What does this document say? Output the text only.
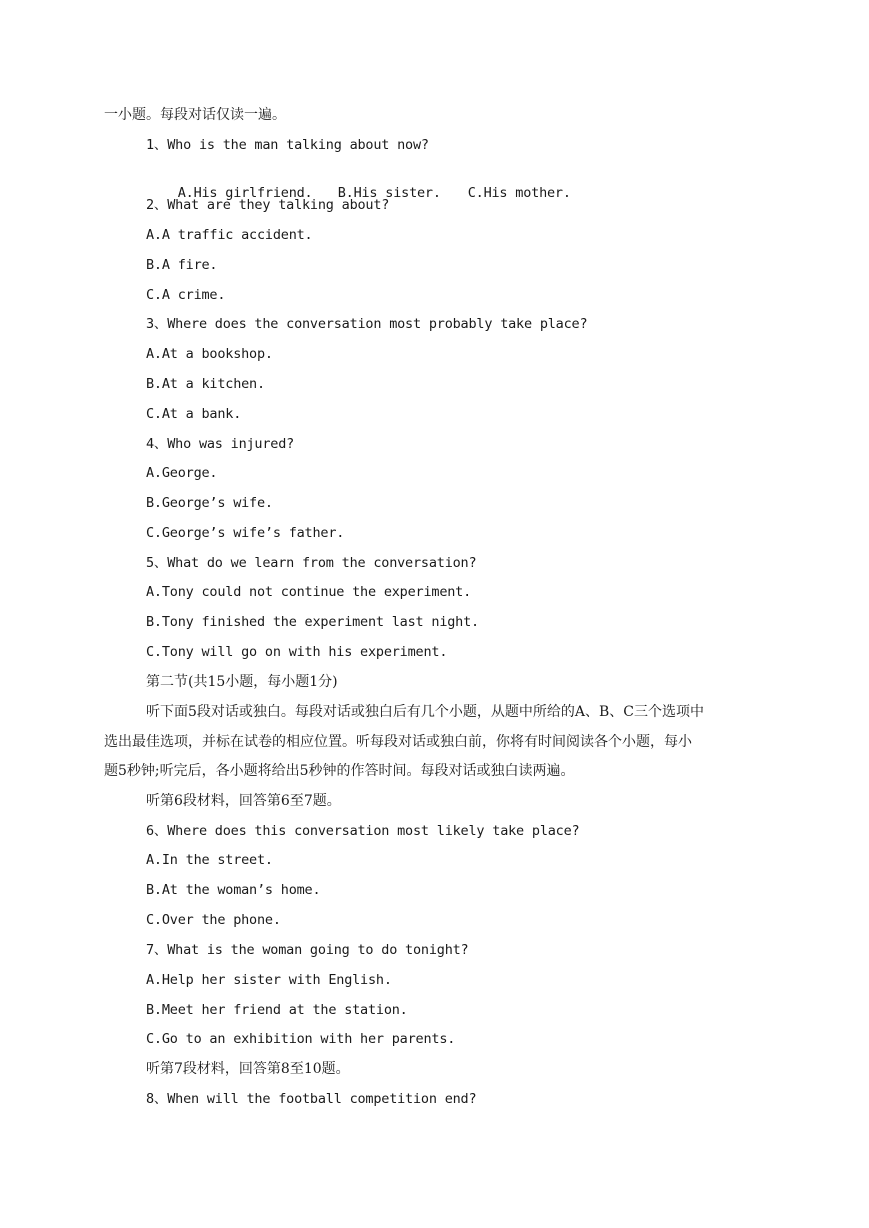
一小题。每段对话仅读一遍。
1、Who is the man talking about now?

A.His girlfriend. B.His sister. C.His mother.

2、What are they talking about?
A.A traffic accident.
B.A fire.
C.A crime.
3、Where does the conversation most probably take place?
A.At a bookshop.
B.At a kitchen.
C.At a bank.
4、Who was injured?
A.George.
B.George’s wife.
C.George’s wife’s father.
5、What do we learn from the conversation?
A.Tony could not continue the experiment.
B.Tony finished the experiment last night.
C.Tony will go on with his experiment.
第二节(共15小题，每小题1分)
听下面5段对话或独白。每段对话或独白后有几个小题，从题中所给的A、B、C三个选项中
选出最佳选项，并标在试卷的相应位置。听每段对话或独白前，你将有时间阅读各个小题，每小
题5秒钟;听完后，各小题将给出5秒钟的作答时间。每段对话或独白读两遍。
听第6段材料，回答第6至7题。
6、Where does this conversation most likely take place?
A.In the street.
B.At the woman’s home.
C.Over the phone.
7、What is the woman going to do tonight?
A.Help her sister with English.
B.Meet her friend at the station.
C.Go to an exhibition with her parents.
听第7段材料，回答第8至10题。
8、When will the football competition end?
